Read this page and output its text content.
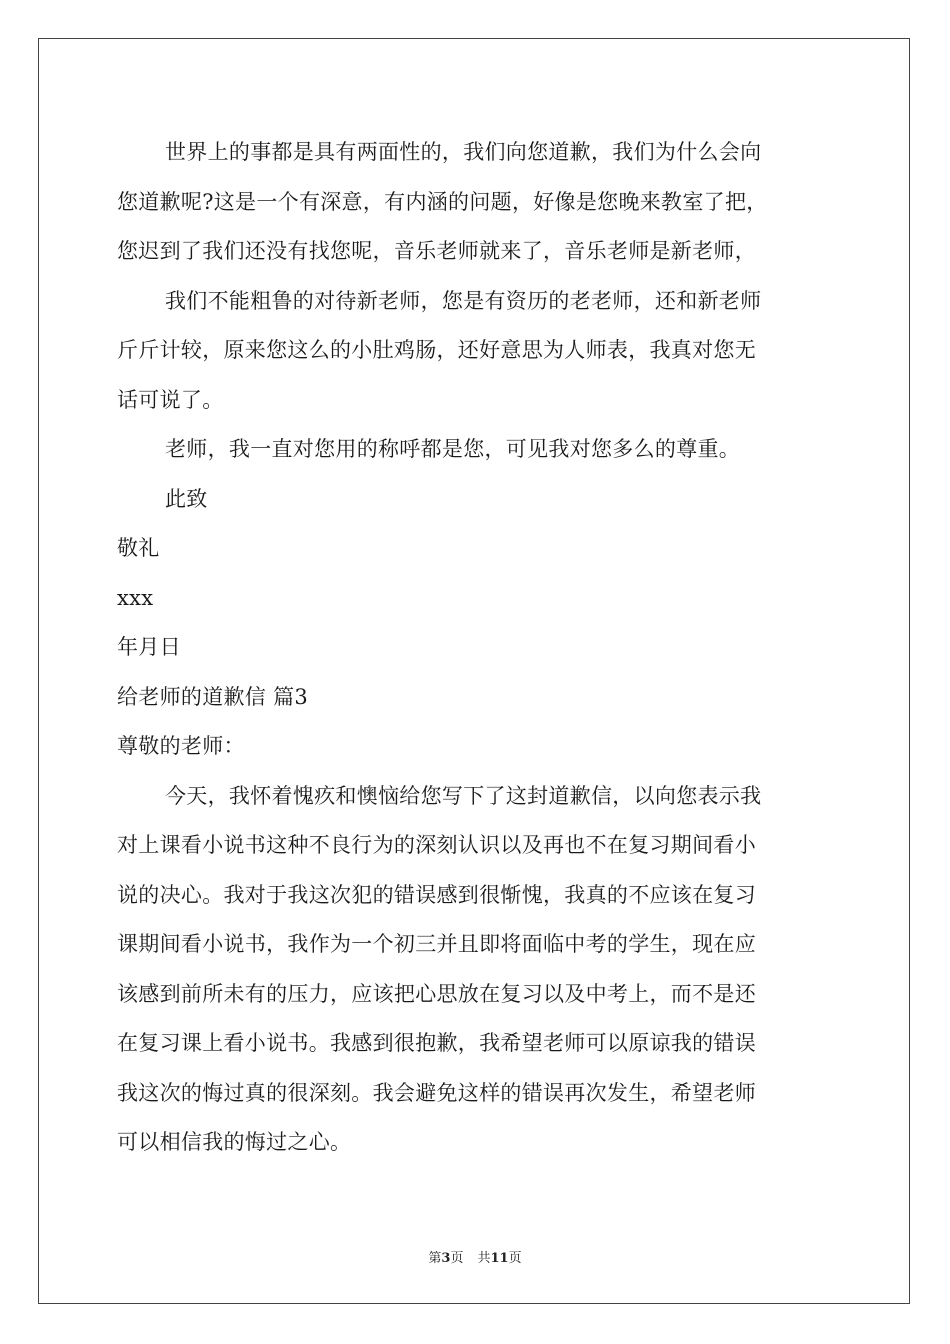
世界上的事都是具有两面性的，我们向您道歉，我们为什么会向
您道歉呢?这是一个有深意，有内涵的问题，好像是您晚来教室了把，
您迟到了我们还没有找您呢，音乐老师就来了，音乐老师是新老师，
我们不能粗鲁的对待新老师，您是有资历的老老师，还和新老师
斤斤计较，原来您这么的小肚鸡肠，还好意思为人师表，我真对您无
话可说了。
老师，我一直对您用的称呼都是您，可见我对您多么的尊重。
此致
敬礼
xxx
年月日
给老师的道歉信 篇3
尊敬的老师：
今天，我怀着愧疚和懊恼给您写下了这封道歉信，以向您表示我
对上课看小说书这种不良行为的深刻认识以及再也不在复习期间看小
说的决心。我对于我这次犯的错误感到很惭愧，我真的不应该在复习
课期间看小说书，我作为一个初三并且即将面临中考的学生，现在应
该感到前所未有的压力，应该把心思放在复习以及中考上，而不是还
在复习课上看小说书。我感到很抱歉，我希望老师可以原谅我的错误
我这次的悔过真的很深刻。我会避免这样的错误再次发生，希望老师
可以相信我的悔过之心。
第3页 共11页
